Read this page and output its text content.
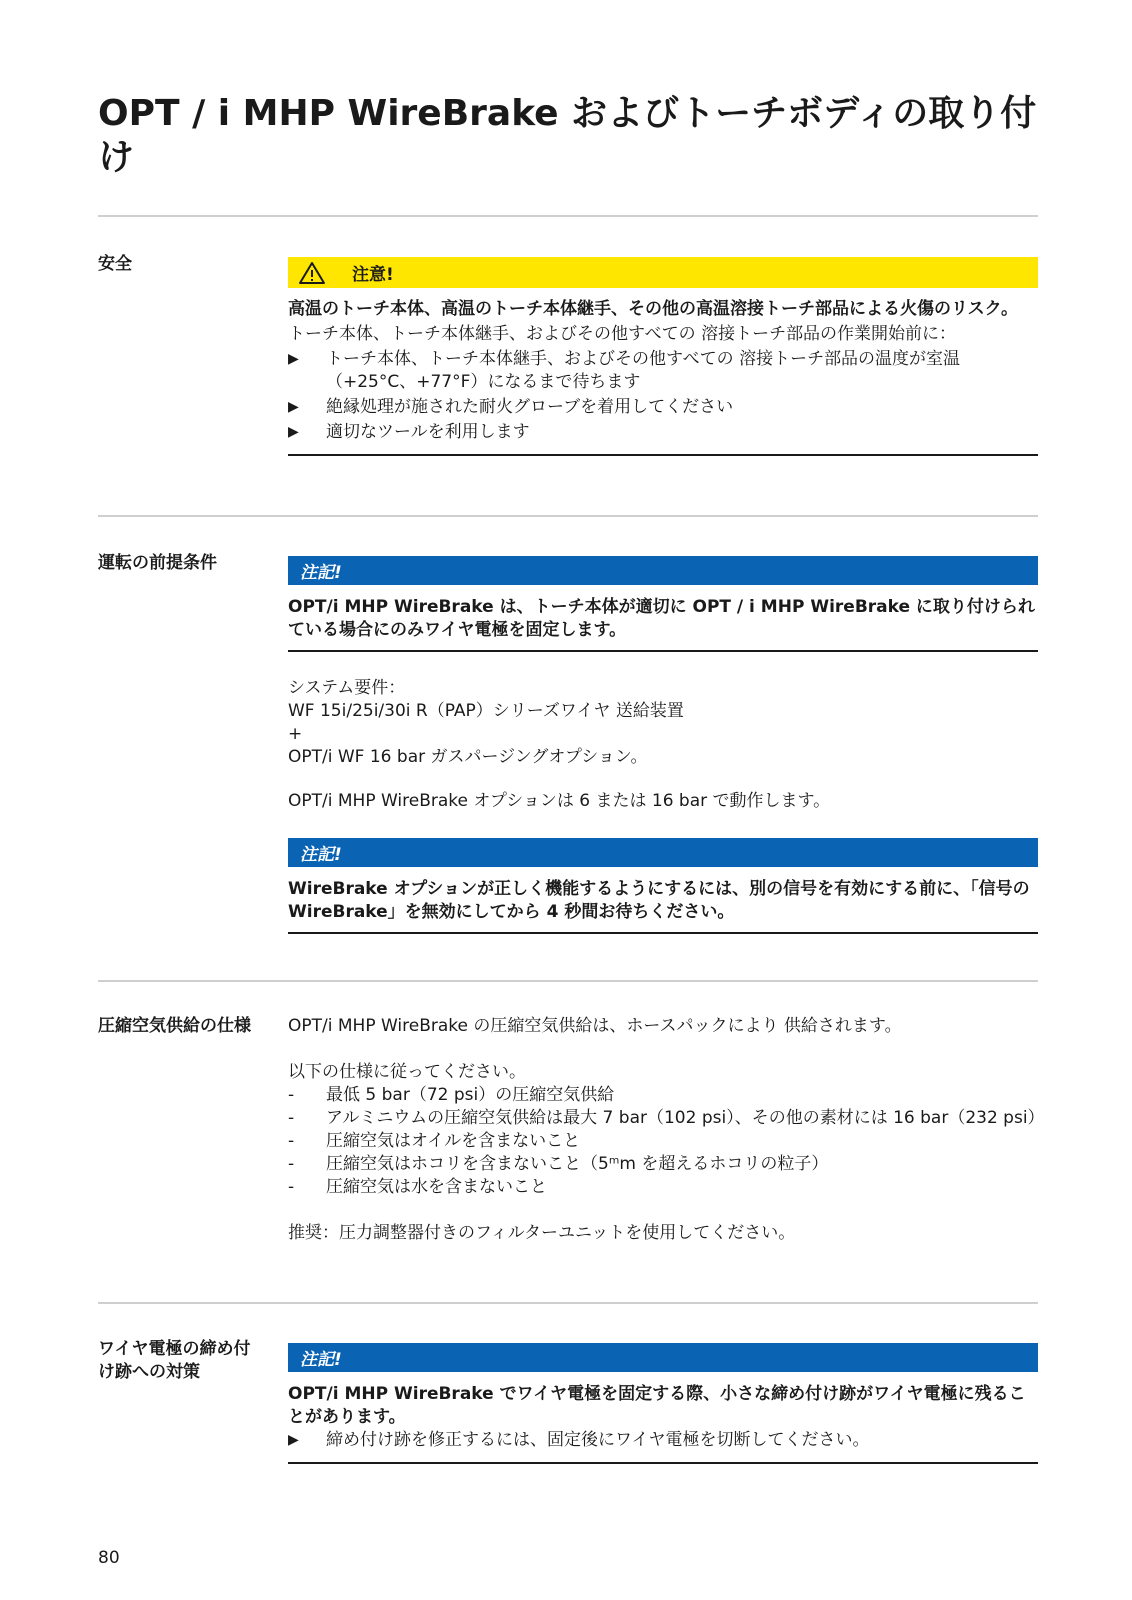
OPT / i MHP WireBrake およびトーチボディの取り付け
安全
注意!
高温のトーチ本体、高温のトーチ本体継手、その他の高温溶接トーチ部品による火傷のリスク。
トーチ本体、トーチ本体継手、およびその他すべての 溶接トーチ部品の作業開始前に：
▶	トーチ本体、トーチ本体継手、およびその他すべての 溶接トーチ部品の温度が室温（+25°C、+77°F）になるまで待ちます
▶	絶縁処理が施された耐火グローブを着用してください
▶	適切なツールを利用します
運転の前提条件	注記!
OPT/i MHP WireBrake は、トーチ本体が適切に OPT / i MHP WireBrake に取り付けられている場合にのみワイヤ電極を固定します。
システム要件：
WF 15i/25i/30i R（PAP）シリーズワイヤ 送給装置
+
OPT/i WF 16 bar ガスパージングオプション。
OPT/i MHP WireBrake オプションは 6 または 16 bar で動作します。
注記!
WireBrake オプションが正しく機能するようにするには、別の信号を有効にする前に、「信号の WireBrake」を無効にしてから 4 秒間お待ちください。
圧縮空気供給の仕様	OPT/i MHP WireBrake の圧縮空気供給は、ホースパックにより 供給されます。
以下の仕様に従ってください。
-	最低 5 bar（72 psi）の圧縮空気供給
-	アルミニウムの圧縮空気供給は最大 7 bar（102 psi）、その他の素材には 16 bar（232 psi）
-	圧縮空気はオイルを含まないこと
-	圧縮空気はホコリを含まないこと（5ᵐm を超えるホコリの粒子）
-	圧縮空気は水を含まないこと
推奨：圧力調整器付きのフィルターユニットを使用してください。
ワイヤ電極の締め付け跡への対策
注記!
OPT/i MHP WireBrake でワイヤ電極を固定する際、小さな締め付け跡がワイヤ電極に残ることがあります。
▶	締め付け跡を修正するには、固定後にワイヤ電極を切断してください。
80
